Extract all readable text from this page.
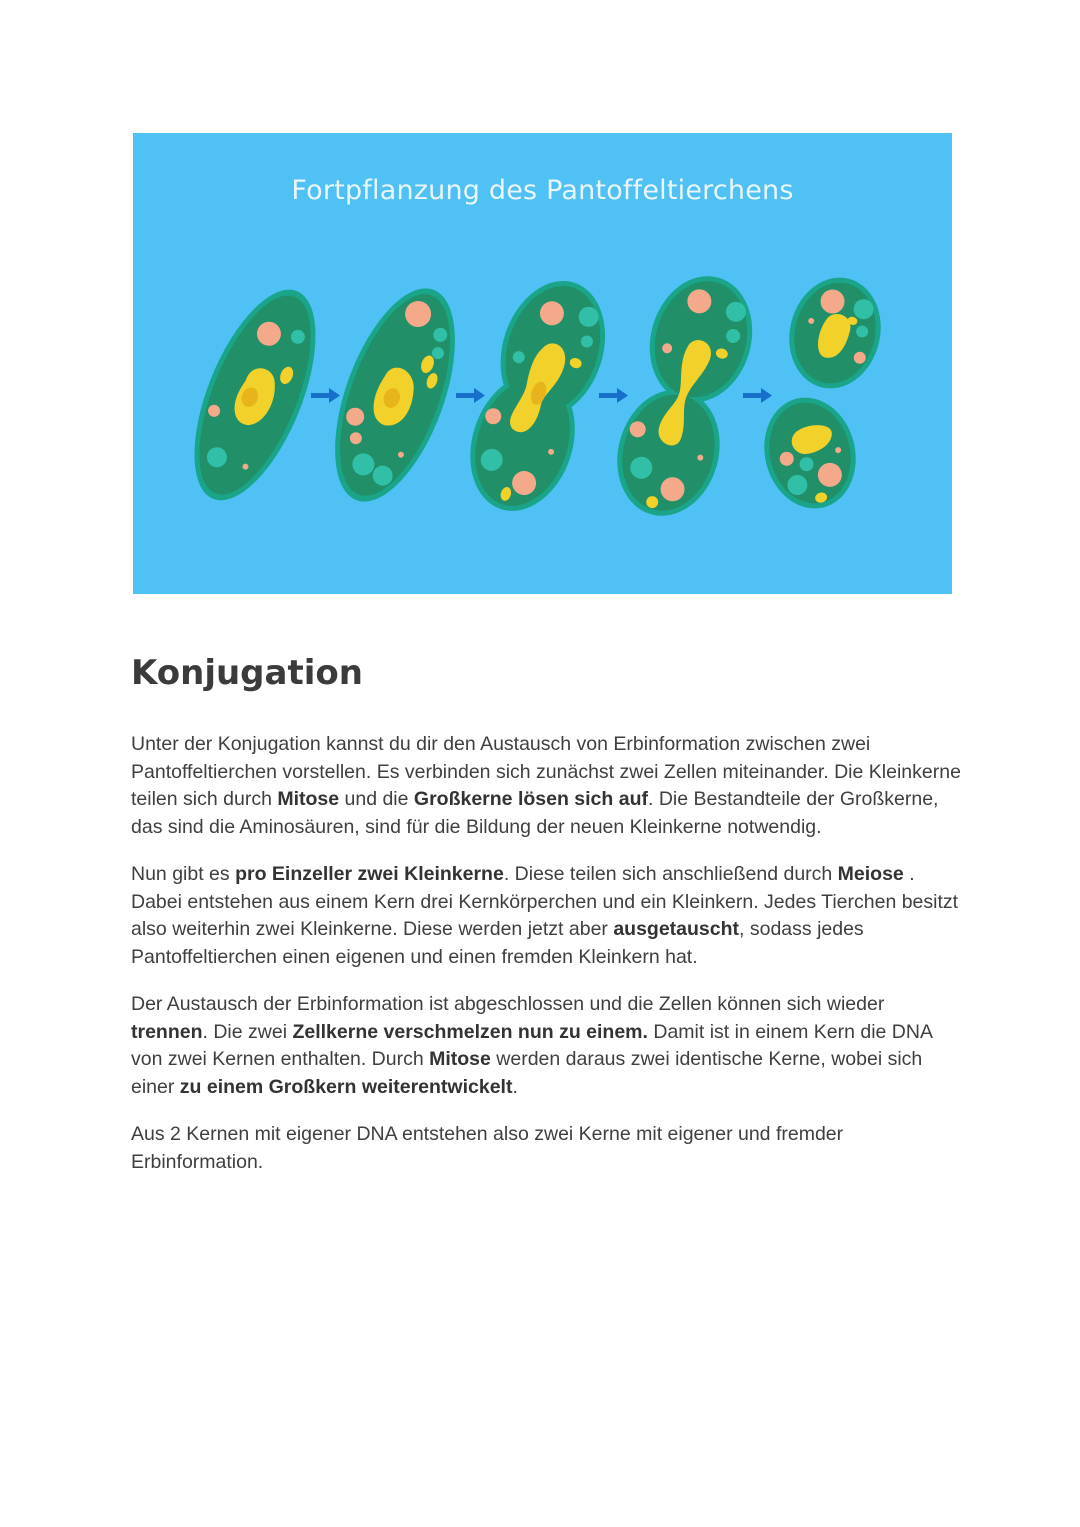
Fortpflanzung des Pantoffeltierchens
Konjugation

Unter der Konjugation kannst du dir den Austausch von Erbinformation zwischen zwei Pantoffeltierchen vorstellen. Es verbinden sich zunächst zwei Zellen miteinander. Die Kleinkerne teilen sich durch Mitose und die Großkerne lösen sich auf. Die Bestandteile der Großkerne, das sind die Aminosäuren, sind für die Bildung der neuen Kleinkerne notwendig.

Nun gibt es pro Einzeller zwei Kleinkerne. Diese teilen sich anschließend durch Meiose . Dabei entstehen aus einem Kern drei Kernkörperchen und ein Kleinkern. Jedes Tierchen besitzt also weiterhin zwei Kleinkerne. Diese werden jetzt aber ausgetauscht, sodass jedes Pantoffeltierchen einen eigenen und einen fremden Kleinkern hat.

Der Austausch der Erbinformation ist abgeschlossen und die Zellen können sich wieder trennen. Die zwei Zellkerne verschmelzen nun zu einem. Damit ist in einem Kern die DNA von zwei Kernen enthalten. Durch Mitose werden daraus zwei identische Kerne, wobei sich einer zu einem Großkern weiterentwickelt.

Aus 2 Kernen mit eigener DNA entstehen also zwei Kerne mit eigener und fremder Erbinformation.
